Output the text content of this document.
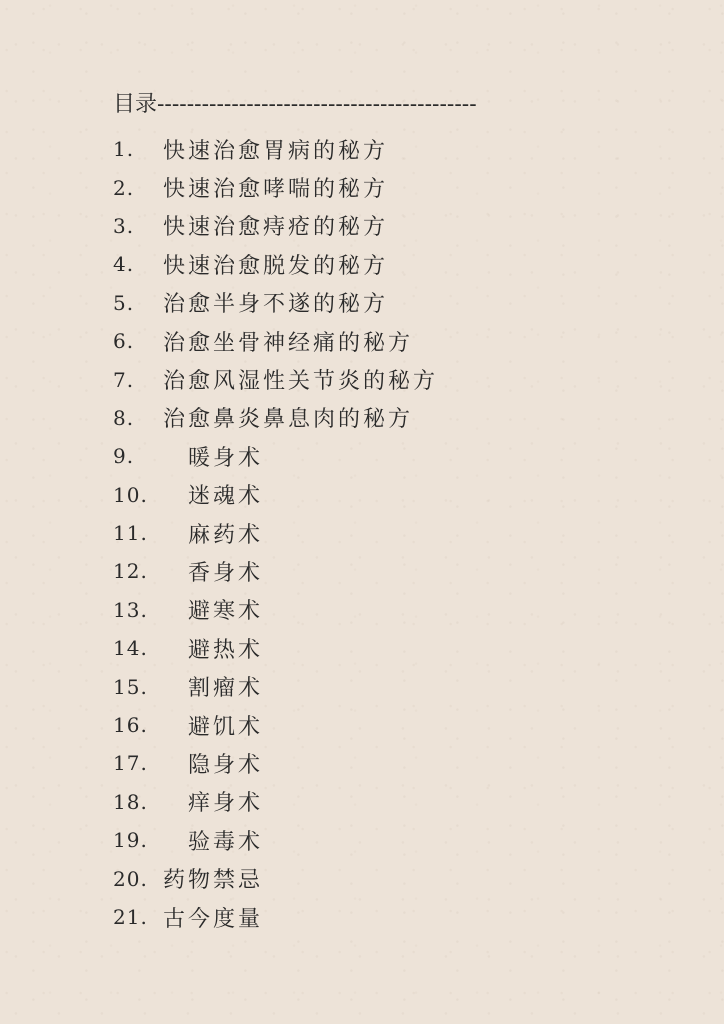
目录-------------------------------------------
1.	快速治愈胃病的秘方
2.	快速治愈哮喘的秘方
3.	快速治愈痔疮的秘方
4.	快速治愈脱发的秘方
5.	治愈半身不遂的秘方
6.	治愈坐骨神经痛的秘方
7.	治愈风湿性关节炎的秘方
8.	治愈鼻炎鼻息肉的秘方
9.	暖身术
10.	迷魂术
11.	麻药术
12.	香身术
13.	避寒术
14.	避热术
15.	割瘤术
16.	避饥术
17.	隐身术
18.	痒身术
19.	验毒术
20. 药物禁忌
21. 古今度量
